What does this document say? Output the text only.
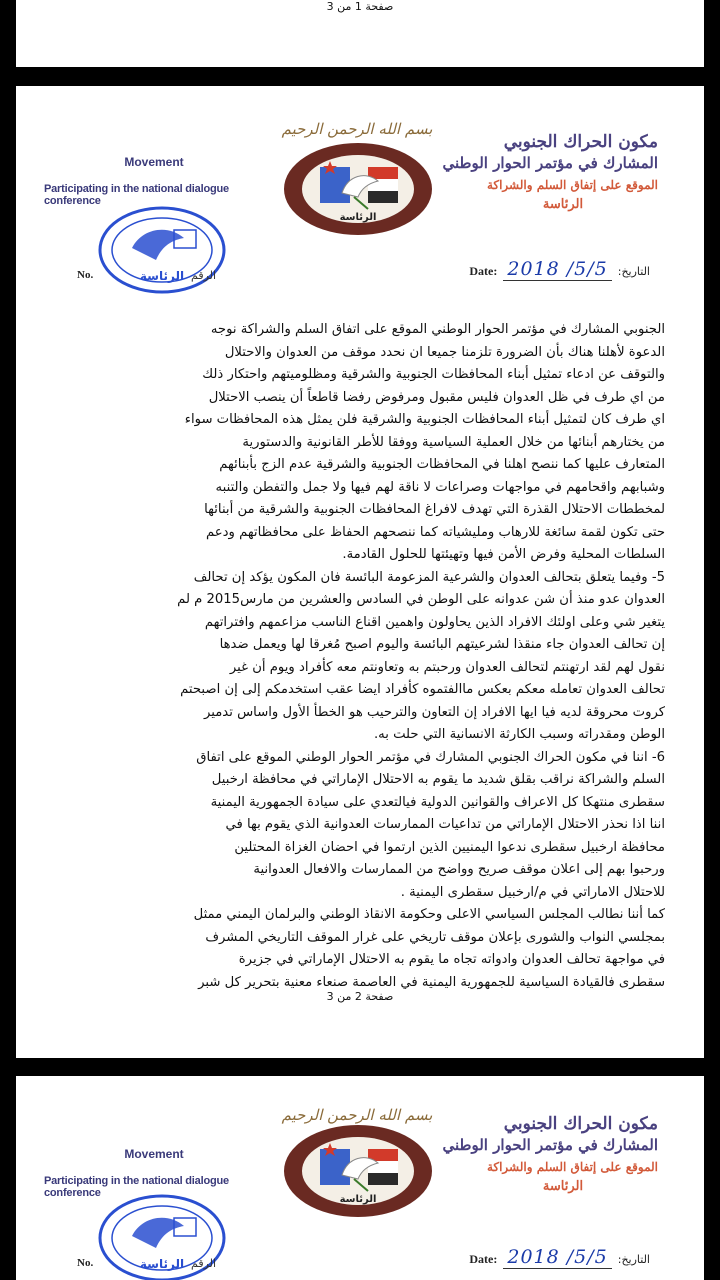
صفحة 1 من 3
بسم الله الرحمن الرحيم
الرئاسة
مكون الحراك الجنوبي
المشارك في مؤتمر الحوار الوطني
الموقع على إتفاق السلم والشراكة
الرئاسة
Movement
Participating in the national dialogue conference
الرئاسة
No.	الرقم	Date: 2018 /5/5 التاريخ:
الجنوبي المشارك في مؤتمر الحوار الوطني الموقع على اتفاق السلم والشراكة نوجه
الدعوة لأهلنا هناك بأن الضرورة تلزمنا جميعا ان نحدد موقف من العدوان والاحتلال
والتوقف عن ادعاء تمثيل أبناء المحافظات الجنوبية والشرقية ومظلوميتهم واحتكار ذلك
من اي طرف في ظل العدوان فليس مقبول ومرفوض رفضا قاطعاً أن ينصب الاحتلال
اي طرف كان لتمثيل أبناء المحافظات الجنوبية والشرقية فلن يمثل هذه المحافظات سواء
من يختارهم أبنائها من خلال العملية السياسية ووفقا للأطر القانونية والدستورية
المتعارف عليها كما ننصح اهلنا في المحافظات الجنوبية والشرقية عدم الزج بأبنائهم
وشبابهم واقحامهم في مواجهات وصراعات لا ناقة لهم فيها ولا جمل والتفطن والتنبه
لمخططات الاحتلال القذرة التي تهدف لافراغ المحافظات الجنوبية والشرقية من أبنائها
حتى تكون لقمة سائغة للارهاب وملیشیاته كما ننصحهم الحفاظ على محافظاتهم ودعم
السلطات المحلية وفرض الأمن فيها وتهيئتها للحلول القادمة.
5- وفيما يتعلق بتحالف العدوان والشرعية المزعومة البائسة فان المكون يؤكد إن تحالف
العدوان عدو منذ أن شن عدوانه على الوطن في السادس والعشرين من مارس2015 م لم
يتغير شي وعلى اولئك الافراد الذين يحاولون واهمين اقناع الناسب مزاعمهم وافتراتهم
إن تحالف العدوان جاء منقذا لشرعيتهم البائسة واليوم اصبح مُغرقا لها ويعمل ضدها
نقول لهم لقد ارتهنتم لتحالف العدوان ورحبتم به وتعاونتم معه كأفراد ويوم أن غير
تحالف العدوان تعامله معكم بعكس ماالفتموه كأفراد ايضا عقب استخدمكم إلى إن اصبحتم
كروت محروقة لديه فيا ايها الافراد إن التعاون والترحيب هو الخطأ الأول واساس تدمير
الوطن ومقدراته وسبب الكارثة الانسانية التي حلت به.
6- اننا في مكون الحراك الجنوبي المشارك في مؤتمر الحوار الوطني الموقع على اتفاق
السلم والشراكة نراقب بقلق شديد ما يقوم به الاحتلال الإماراتي في محافظة ارخبيل
سقطرى منتهكا كل الاعراف والقوانين الدولية فيالتعدي على سيادة الجمهورية اليمنية
اننا اذا نحذر الاحتلال الإماراتي من تداعيات الممارسات العدوانية الذي يقوم بها في
محافظة ارخبيل سقطرى ندعوا اليمنيين الذين ارتموا في احضان الغزاة المحتلين
ورحبوا بهم إلى اعلان موقف صريح وواضح من الممارسات والافعال العدوانية
للاحتلال الاماراتي في م/ارخبيل سقطرى اليمنية .
كما أننا نطالب المجلس السياسي الاعلى وحكومة الانقاذ الوطني والبرلمان اليمني ممثل
بمجلسي النواب والشورى بإعلان موقف تاريخي على غرار الموقف التاريخي المشرف
في مواجهة تحالف العدوان وادواته تجاه ما يقوم به الاحتلال الإماراتي في جزيرة
سقطرى فالقيادة السياسية للجمهورية اليمنية في العاصمة صنعاء معنية بتحرير كل شبر
صفحة 2 من 3
بسم الله الرحمن الرحيم
الرئاسة
مكون الحراك الجنوبي
المشارك في مؤتمر الحوار الوطني
الموقع على إتفاق السلم والشراكة
الرئاسة
Movement
Participating in the national dialogue conference
الرئاسة
No.	الرقم	Date: 2018 /5/5 التاريخ:
